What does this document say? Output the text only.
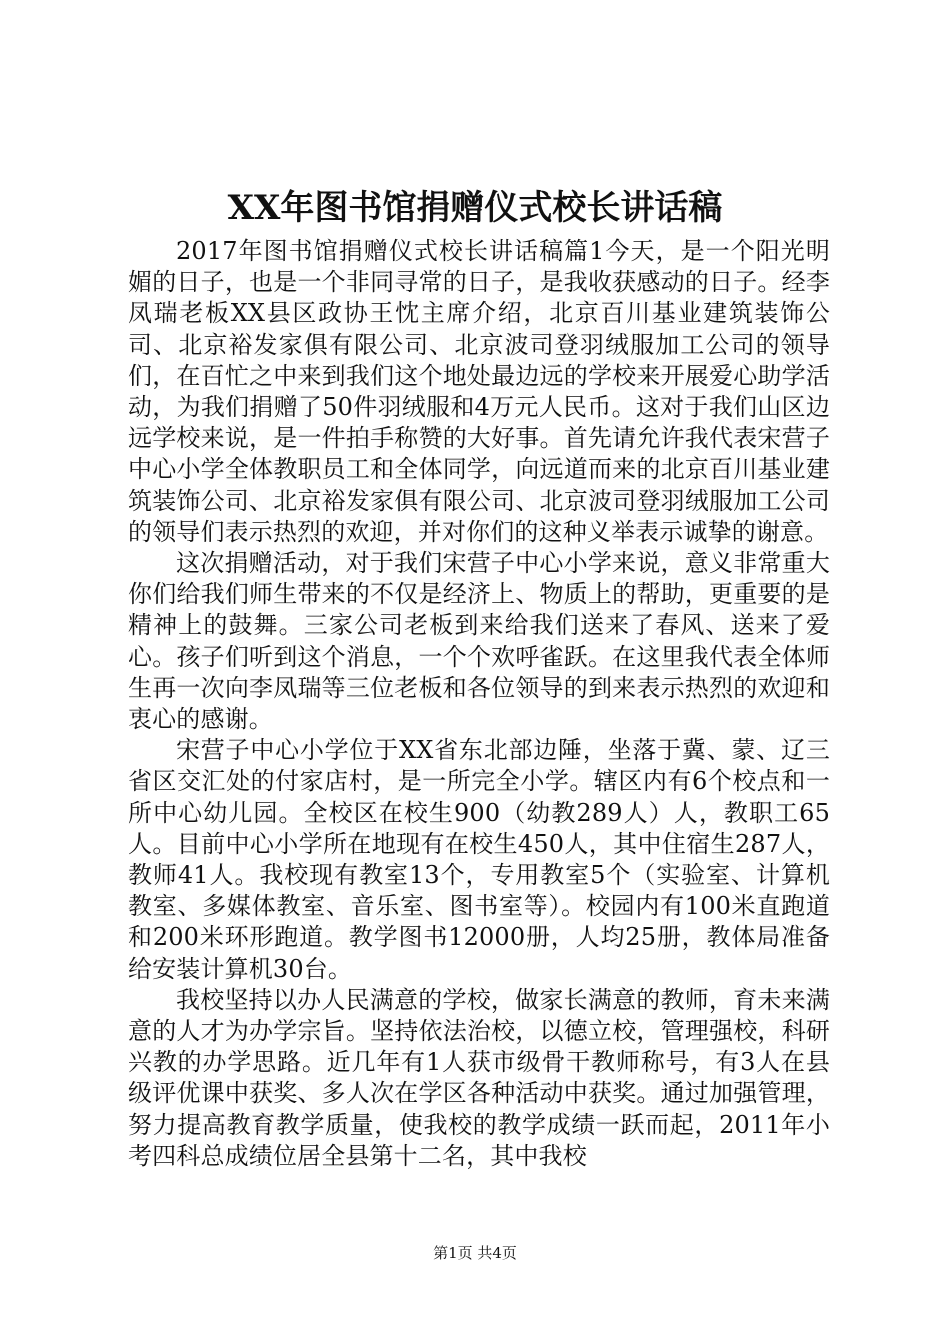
XX年图书馆捐赠仪式校长讲话稿

2017年图书馆捐赠仪式校长讲话稿篇1今天，是一个阳光明媚的日子，也是一个非同寻常的日子，是我收获感动的日子。经李凤瑞老板XX县区政协王忱主席介绍，北京百川基业建筑装饰公司、北京裕发家俱有限公司、北京波司登羽绒服加工公司的领导们，在百忙之中来到我们这个地处最边远的学校来开展爱心助学活动，为我们捐赠了50件羽绒服和4万元人民币。这对于我们山区边远学校来说，是一件拍手称赞的大好事。首先请允许我代表宋营子中心小学全体教职员工和全体同学，向远道而来的北京百川基业建筑装饰公司、北京裕发家俱有限公司、北京波司登羽绒服加工公司的领导们表示热烈的欢迎，并对你们的这种义举表示诚挚的谢意。

这次捐赠活动，对于我们宋营子中心小学来说，意义非常重大你们给我们师生带来的不仅是经济上、物质上的帮助，更重要的是精神上的鼓舞。三家公司老板到来给我们送来了春风、送来了爱心。孩子们听到这个消息，一个个欢呼雀跃。在这里我代表全体师生再一次向李凤瑞等三位老板和各位领导的到来表示热烈的欢迎和衷心的感谢。

宋营子中心小学位于XX省东北部边陲，坐落于冀、蒙、辽三省区交汇处的付家店村，是一所完全小学。辖区内有6个校点和一所中心幼儿园。全校区在校生900（幼教289人）人，教职工65人。目前中心小学所在地现有在校生450人，其中住宿生287人，教师41人。我校现有教室13个，专用教室5个（实验室、计算机教室、多媒体教室、音乐室、图书室等）。校园内有100米直跑道和200米环形跑道。教学图书12000册，人均25册，教体局准备给安装计算机30台。

我校坚持以办人民满意的学校，做家长满意的教师，育未来满意的人才为办学宗旨。坚持依法治校，以德立校，管理强校，科研兴教的办学思路。近几年有1人获市级骨干教师称号，有3人在县级评优课中获奖、多人次在学区各种活动中获奖。通过加强管理，努力提高教育教学质量，使我校的教学成绩一跃而起，2011年小考四科总成绩位居全县第十二名，其中我校

第1页 共4页
